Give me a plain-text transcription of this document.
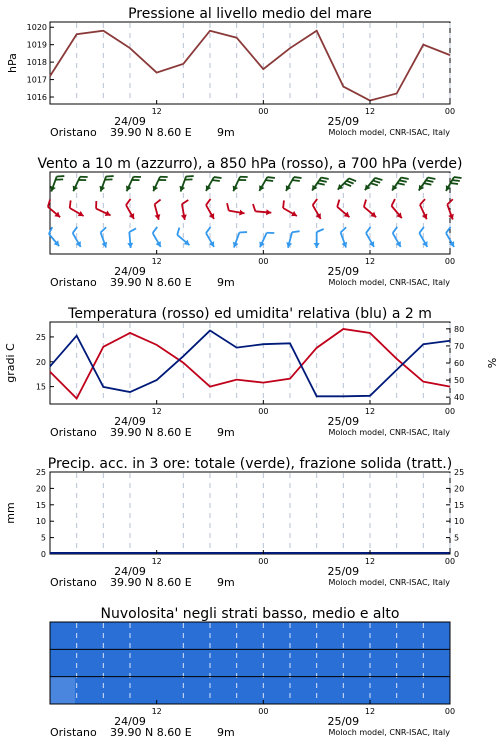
Pressione al livello medio del mare
1020
1019
1018
1017
1016
hPa
12	00	12	00
24/09	25/09
Oristano 39.90 N 8.60 E 9m	Moloch model, CNR-ISAC, Italy
Vento a 10 m (azzurro), a 850 hPa (rosso), a 700 hPa (verde)
12	00	12	00
24/09	25/09
Oristano 39.90 N 8.60 E 9m	Moloch model, CNR-ISAC, Italy
Temperatura (rosso) ed umidita' relativa (blu) a 2 m
25
20
15
80
70
60
50
40
gradi C	%
12	00	12	00
24/09	25/09
Oristano 39.90 N 8.60 E 9m	Moloch model, CNR-ISAC, Italy
Precip. acc. in 3 ore: totale (verde), frazione solida (tratt.)
25	25
20	20
15	15
10	10
5	5
0	0
mm
12	00	12	00
24/09	25/09
Oristano 39.90 N 8.60 E 9m	Moloch model, CNR-ISAC, Italy
Nuvolosita' negli strati basso, medio e alto
12	00	12	00
24/09	25/09
Oristano 39.90 N 8.60 E 9m	Moloch model, CNR-ISAC, Italy
